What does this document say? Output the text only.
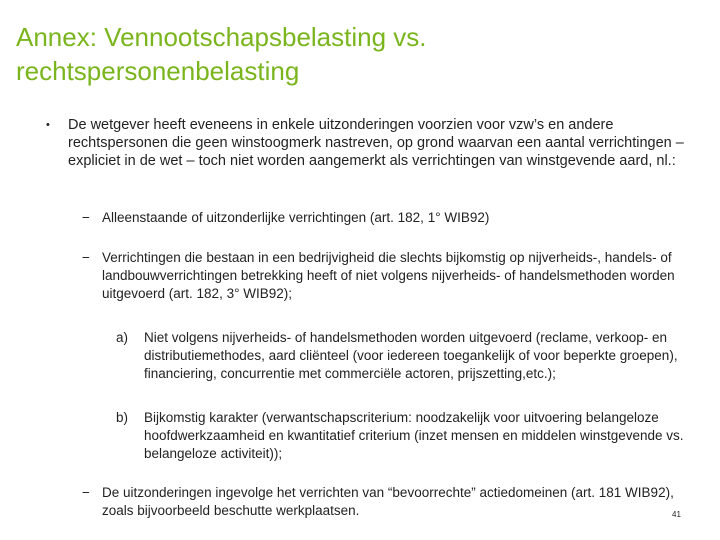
Annex: Vennootschapsbelasting vs.
rechtspersonenbelasting
• De wetgever heeft eveneens in enkele uitzonderingen voorzien voor vzw’s en andere rechtspersonen die geen winstoogmerk nastreven, op grond waarvan een aantal verrichtingen – expliciet in de wet – toch niet worden aangemerkt als verrichtingen van winstgevende aard, nl.:
− Alleenstaande of uitzonderlijke verrichtingen (art. 182, 1° WIB92)
− Verrichtingen die bestaan in een bedrijvigheid die slechts bijkomstig op nijverheids-, handels- of landbouwverrichtingen betrekking heeft of niet volgens nijverheids- of handelsmethoden worden uitgevoerd (art. 182, 3° WIB92);
a) Niet volgens nijverheids- of handelsmethoden worden uitgevoerd (reclame, verkoop- en distributiemethodes, aard cliënteel (voor iedereen toegankelijk of voor beperkte groepen), financiering, concurrentie met commerciële actoren, prijszetting,etc.);
b) Bijkomstig karakter (verwantschapscriterium: noodzakelijk voor uitvoering belangeloze hoofdwerkzaamheid en kwantitatief criterium (inzet mensen en middelen winstgevende vs. belangeloze activiteit));
− De uitzonderingen ingevolge het verrichten van “bevoorrechte” actiedomeinen (art. 181 WIB92), zoals bijvoorbeeld beschutte werkplaatsen.	41
